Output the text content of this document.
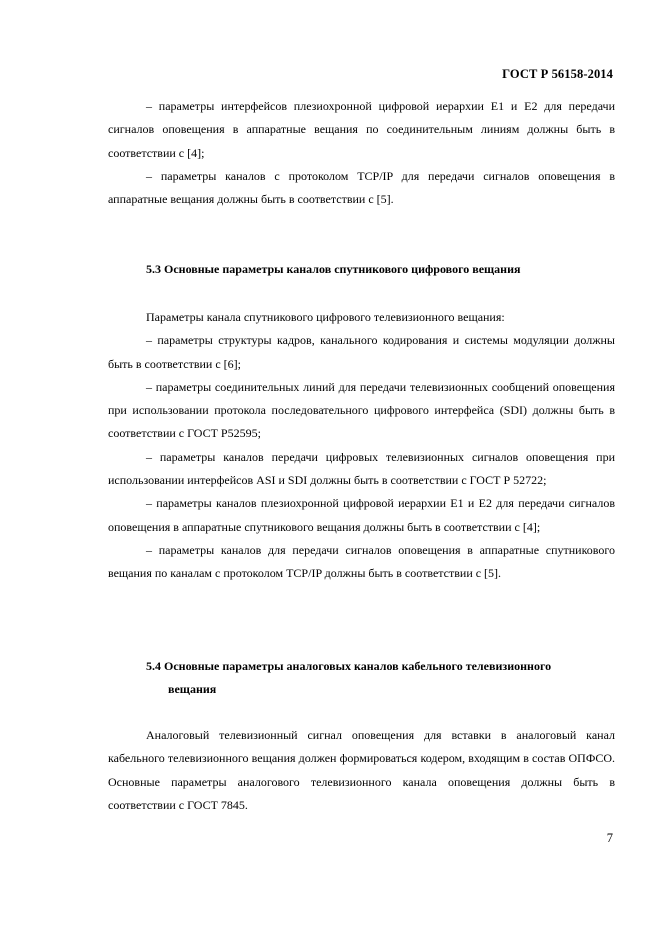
ГОСТ Р 56158-2014

– параметры интерфейсов плезиохронной цифровой иерархии Е1 и Е2 для передачи сигналов оповещения в аппаратные вещания по соединительным линиям должны быть в соответствии с [4];

– параметры каналов с протоколом TCP/IP для передачи сигналов оповещения в аппаратные вещания должны быть в соответствии с [5].

5.3 Основные параметры каналов спутникового цифрового вещания

Параметры канала спутникового цифрового телевизионного вещания:

– параметры структуры кадров, канального кодирования и системы модуляции должны быть в соответствии с [6];

– параметры соединительных линий для передачи телевизионных сообщений оповещения при использовании протокола последовательного цифрового интерфейса (SDI) должны быть в соответствии с ГОСТ Р52595;

– параметры каналов передачи цифровых телевизионных сигналов оповещения при использовании интерфейсов ASI и SDI должны быть в соответствии с ГОСТ Р 52722;

– параметры каналов плезиохронной цифровой иерархии Е1 и Е2 для передачи сигналов оповещения в аппаратные спутникового вещания должны быть в соответствии с [4];

– параметры каналов для передачи сигналов оповещения в аппаратные спутникового вещания по каналам с протоколом TCP/IP должны быть в соответствии с [5].

5.4 Основные параметры аналоговых каналов кабельного телевизионного
вещания

Аналоговый телевизионный сигнал оповещения для вставки в аналоговый канал кабельного телевизионного вещания должен формироваться кодером, входящим в состав ОПФСО. Основные параметры аналогового телевизионного канала оповещения должны быть в соответствии с ГОСТ 7845.

7
